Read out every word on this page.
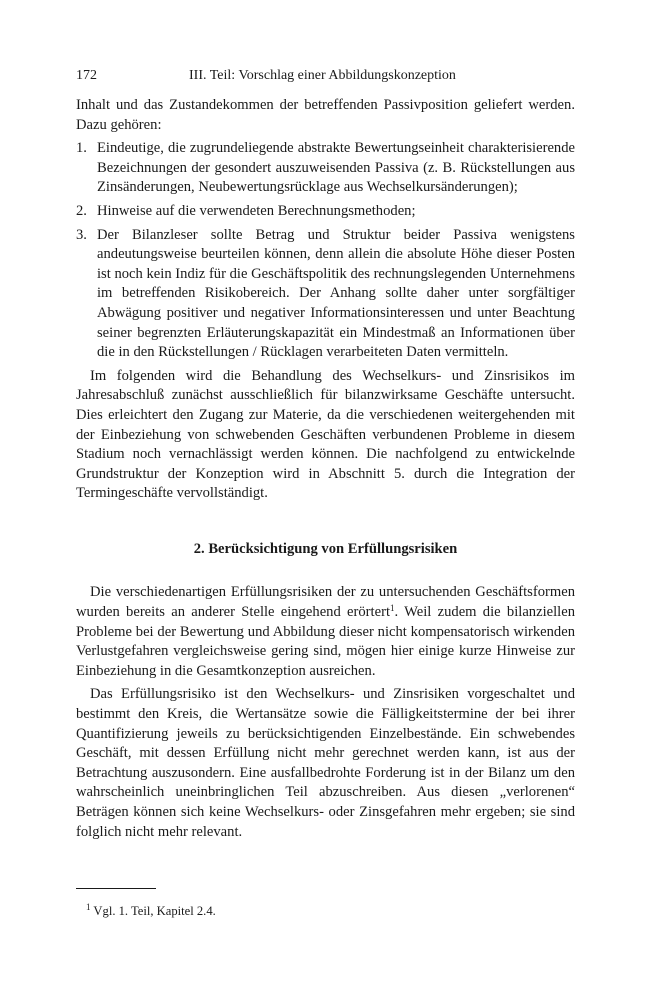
172	III. Teil: Vorschlag einer Abbildungskonzeption

Inhalt und das Zustandekommen der betreffenden Passivposition geliefert werden. Dazu gehören:

1. Eindeutige, die zugrundeliegende abstrakte Bewertungseinheit charakterisierende Bezeichnungen der gesondert auszuweisenden Passiva (z. B. Rückstellungen aus Zinsänderungen, Neubewertungsrücklage aus Wechselkursänderungen);
2. Hinweise auf die verwendeten Berechnungsmethoden;
3. Der Bilanzleser sollte Betrag und Struktur beider Passiva wenigstens andeutungsweise beurteilen können, denn allein die absolute Höhe dieser Posten ist noch kein Indiz für die Geschäftspolitik des rechnungslegenden Unternehmens im betreffenden Risikobereich. Der Anhang sollte daher unter sorgfältiger Abwägung positiver und negativer Informationsinteressen und unter Beachtung seiner begrenzten Erläuterungskapazität ein Mindestmaß an Informationen über die in den Rückstellungen / Rücklagen verarbeiteten Daten vermitteln.

Im folgenden wird die Behandlung des Wechselkurs- und Zinsrisikos im Jahresabschluß zunächst ausschließlich für bilanzwirksame Geschäfte untersucht. Dies erleichtert den Zugang zur Materie, da die verschiedenen weitergehenden mit der Einbeziehung von schwebenden Geschäften verbundenen Probleme in diesem Stadium noch vernachlässigt werden können. Die nachfolgend zu entwickelnde Grundstruktur der Konzeption wird in Abschnitt 5. durch die Integration der Termingeschäfte vervollständigt.

2. Berücksichtigung von Erfüllungsrisiken

Die verschiedenartigen Erfüllungsrisiken der zu untersuchenden Geschäftsformen wurden bereits an anderer Stelle eingehend erörtert$^1$. Weil zudem die bilanziellen Probleme bei der Bewertung und Abbildung dieser nicht kompensatorisch wirkenden Verlustgefahren vergleichsweise gering sind, mögen hier einige kurze Hinweise zur Einbeziehung in die Gesamtkonzeption ausreichen.

Das Erfüllungsrisiko ist den Wechselkurs- und Zinsrisiken vorgeschaltet und bestimmt den Kreis, die Wertansätze sowie die Fälligkeitstermine der bei ihrer Quantifizierung jeweils zu berücksichtigenden Einzelbestände. Ein schwebendes Geschäft, mit dessen Erfüllung nicht mehr gerechnet werden kann, ist aus der Betrachtung auszusondern. Eine ausfallbedrohte Forderung ist in der Bilanz um den wahrscheinlich uneinbringlichen Teil abzuschreiben. Aus diesen „verlorenen“ Beträgen können sich keine Wechselkurs- oder Zinsgefahren mehr ergeben; sie sind folglich nicht mehr relevant.

$^1$ Vgl. 1. Teil, Kapitel 2.4.
